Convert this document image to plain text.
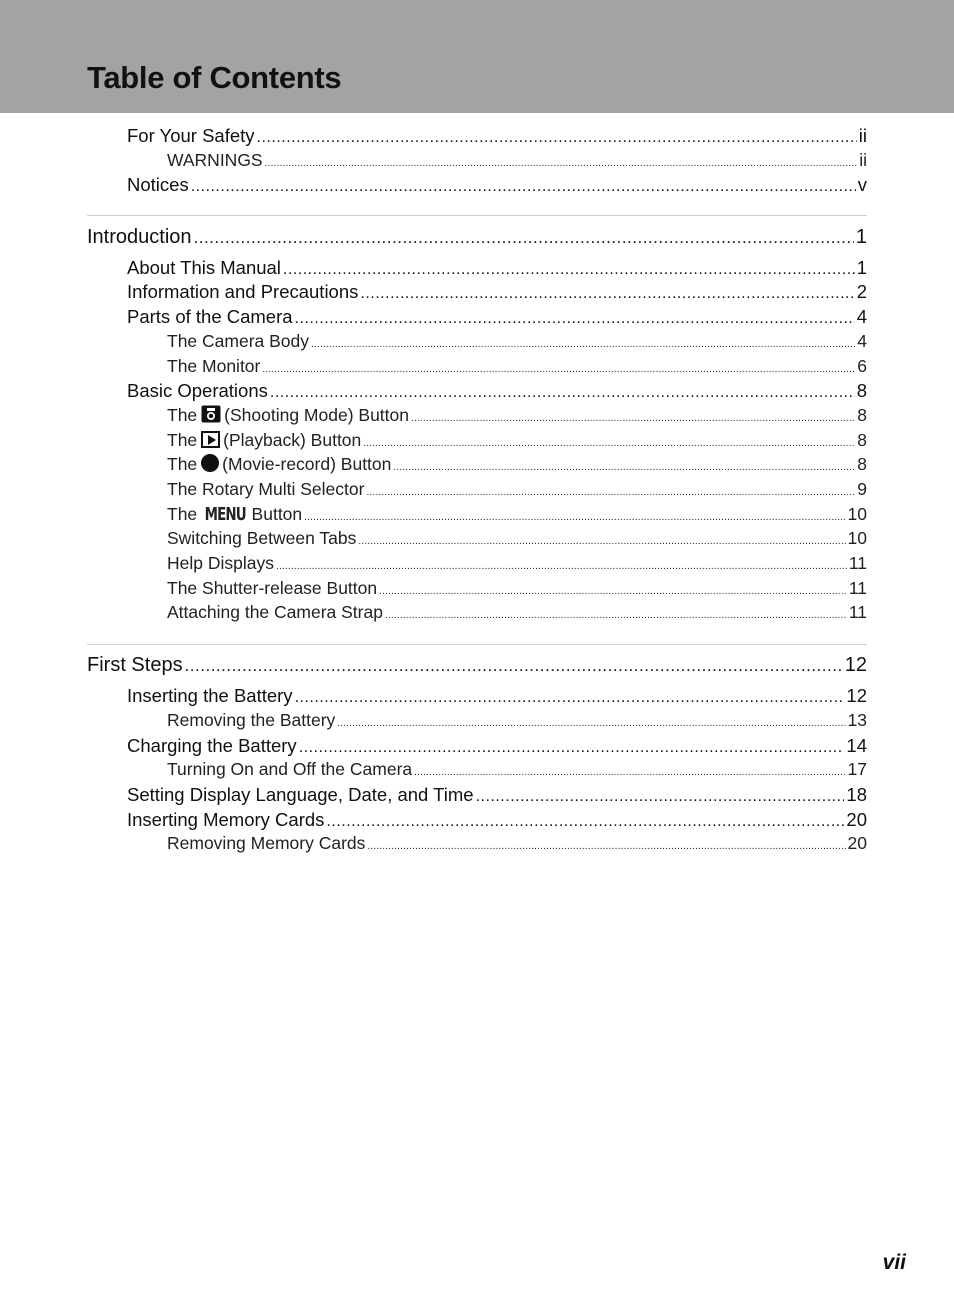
Table of Contents
For Your Safety .....	ii
WARNINGS .....	ii
Notices .....	v
Introduction .....	1
About This Manual .....	1
Information and Precautions .....	2
Parts of the Camera .....	4
The Camera Body .....	4
The Monitor .....	6
Basic Operations .....	8
The (Shooting Mode) Button .....	8
The (Playback) Button .....	8
The (Movie-record) Button .....	8
The Rotary Multi Selector .....	9
The MENU Button .....	10
Switching Between Tabs .....	10
Help Displays .....	11
The Shutter-release Button .....	11
Attaching the Camera Strap .....	11
First Steps .....	12
Inserting the Battery .....	12
Removing the Battery .....	13
Charging the Battery .....	14
Turning On and Off the Camera .....	17
Setting Display Language, Date, and Time .....	18
Inserting Memory Cards .....	20
Removing Memory Cards .....	20
vii
